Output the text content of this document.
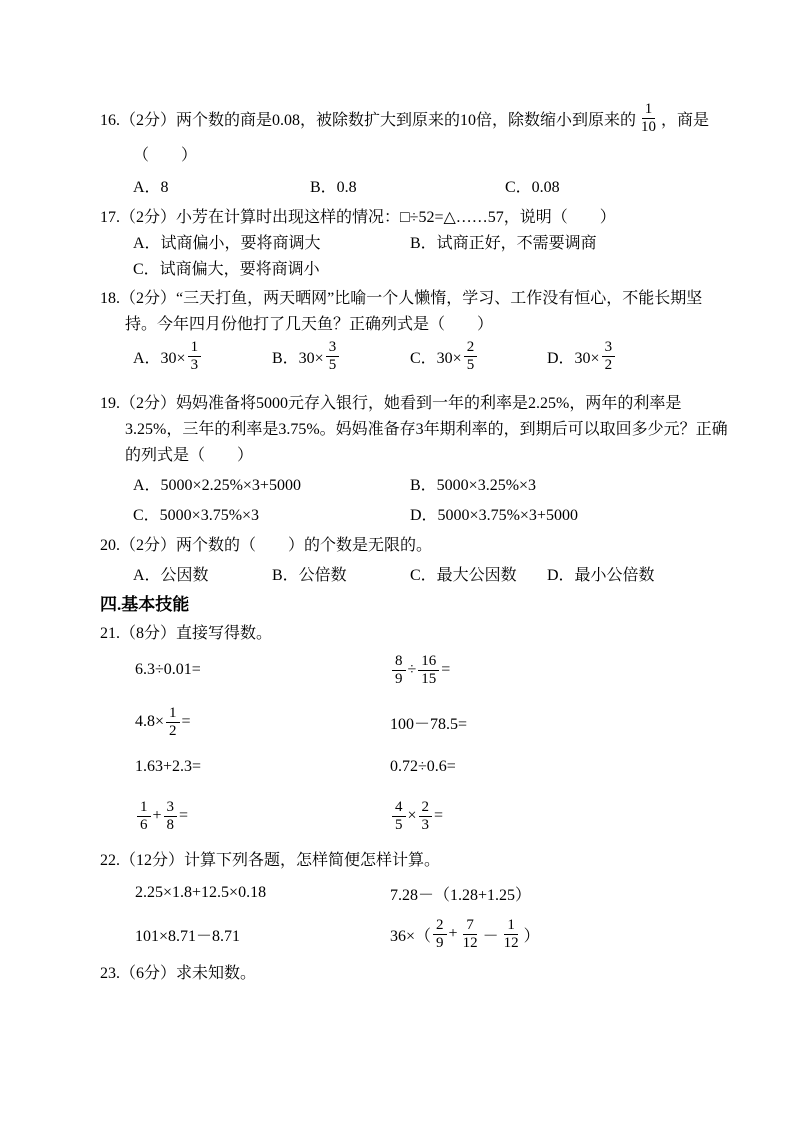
16.（2分）两个数的商是0.08，被除数扩大到原来的10倍，除数缩小到原来的 $\frac{1}{10}$ ，商是
（　　）
A．8	B．0.8	C．0.08
17.（2分）小芳在计算时出现这样的情况：□÷52=△……57，说明（　　）
A．试商偏小，要将商调大	B．试商正好，不需要调商
C．试商偏大，要将商调小
18.（2分）“三天打鱼，两天晒网”比喻一个人懒惰，学习、工作没有恒心，不能长期坚
持。今年四月份他打了几天鱼？正确列式是（　　）
A．$30\times \frac{1}{3}$	B．$30\times \frac{3}{5}$	C．$30\times \frac{2}{5}$	D．$30\times \frac{3}{2}$
19.（2分）妈妈准备将5000元存入银行，她看到一年的利率是2.25%，两年的利率是
3.25%，三年的利率是3.75%。妈妈准备存3年期利率的，到期后可以取回多少元？正确
的列式是（　　）
A．5000×2.25%×3+5000	B．5000×3.25%×3
C．5000×3.75%×3	D．5000×3.75%×3+5000
20.（2分）两个数的（　　）的个数是无限的。
A．公因数	B．公倍数	C．最大公因数 D．最小公倍数
四.基本技能
21.（8分）直接写得数。
6.3÷0.01=	$\frac{8}{9} \div \frac{16}{15}$ =
$4.8\times \frac{1}{2}$ =	100－78.5=
1.63+2.3=	0.72÷0.6=
$\frac{1}{6} + \frac{3}{8}$ =	$\frac{4}{5} \times \frac{2}{3}$ =
22.（12分）计算下列各题，怎样简便怎样计算。
2.25×1.8+12.5×0.18	7.28－（1.28+1.25）
101×8.71－8.71	$36\times( \frac{2}{9} + \frac{7}{12} - \frac{1}{12}$ ）
23.（6分）求未知数。
